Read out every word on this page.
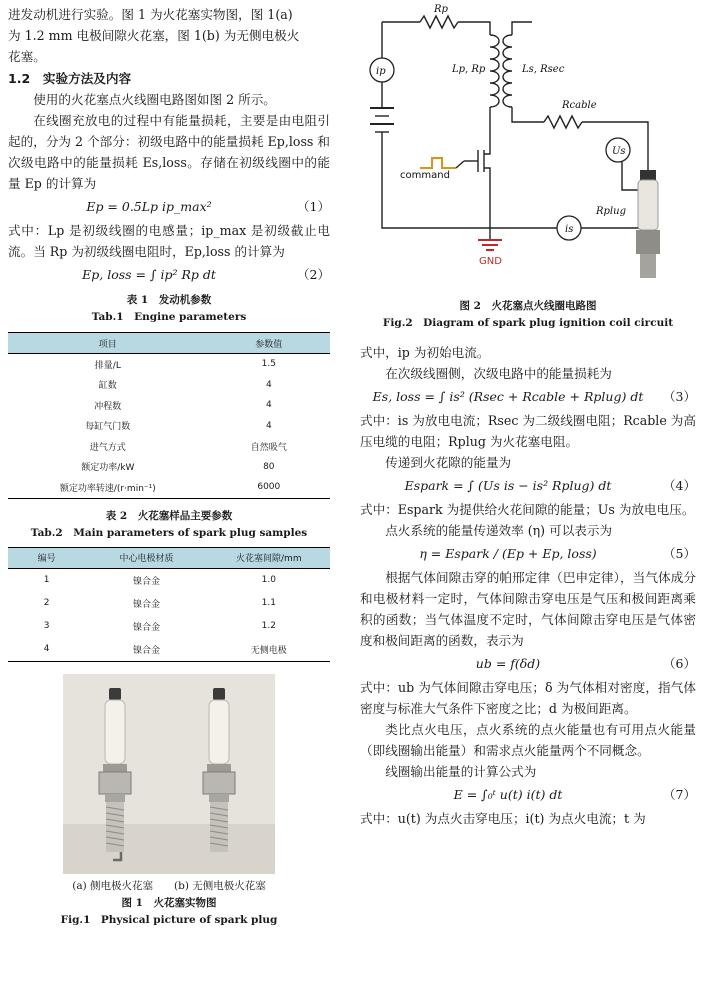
进发动机进行实验。图 1 为火花塞实物图，图 1(a)

为 1.2 mm 电极间隙火花塞，图 1(b) 为无侧电极火

花塞。

1.2　实验方法及内容

使用的火花塞点火线圈电路图如图 2 所示。

在线圈充放电的过程中有能量损耗，主要是由电阻引起的，分为 2 个部分：初级电路中的能量损耗 Ep,loss 和次级电路中的能量损耗 Es,loss。存储在初级线圈中的能量 Ep 的计算为

Ep = 0.5Lp ip_max²	（1）

式中：Lp 是初级线圈的电感量；ip_max 是初级截止电流。当 Rp 为初级线圈电阻时，Ep,loss 的计算为

Ep, loss = ∫ ip² Rp dt	（2）
表 1　发动机参数
Tab.1　Engine parameters
项目	参数值
排量/L	1.5
缸数	4
冲程数	4
每缸气门数	4
进气方式	自然吸气
额定功率/kW	80
额定功率转速/(r·min⁻¹)	6000
表 2　火花塞样品主要参数
Tab.2　Main parameters of spark plug samples
编号	中心电极材质	火花塞间隙/mm
1	镍合金	1.0
2	镍合金	1.1
3	镍合金	1.2
4	镍合金	无侧电极
(a) 侧电极火花塞　　(b) 无侧电极火花塞
图 1　火花塞实物图
Fig.1　Physical picture of spark plug
Rp
ip	Lp, Rp	Ls, Rsec
Rcable
Us
Rplug
is
command
GND
图 2　火花塞点火线圈电路图
Fig.2　Diagram of spark plug ignition coil circuit

式中，ip 为初始电流。

在次级线圈侧，次级电路中的能量损耗为

Es, loss = ∫ is² (Rsec + Rcable + Rplug) dt	（3）

式中：is 为放电电流；Rsec 为二级线圈电阻；Rcable 为高压电缆的电阻；Rplug 为火花塞电阻。

传递到火花隙的能量为

Espark = ∫ (Us is − is² Rplug) dt	（4）

式中：Espark 为提供给火花间隙的能量；Us 为放电电压。

点火系统的能量传递效率 (η) 可以表示为

η = Espark / (Ep + Ep, loss)	（5）

根据气体间隙击穿的帕邢定律（巴申定律），当气体成分和电极材料一定时，气体间隙击穿电压是气压和极间距离乘积的函数；当气体温度不定时，气体间隙击穿电压是气体密度和极间距离的函数，表示为

ub = f(δd)	（6）

式中：ub 为气体间隙击穿电压；δ 为气体相对密度，指气体密度与标准大气条件下密度之比；d 为极间距离。

类比点火电压，点火系统的点火能量也有可用点火能量（即线圈输出能量）和需求点火能量两个不同概念。

线圈输出能量的计算公式为

E = ∫₀ᵗ u(t) i(t) dt	（7）

式中：u(t) 为点火击穿电压；i(t) 为点火电流；t 为
